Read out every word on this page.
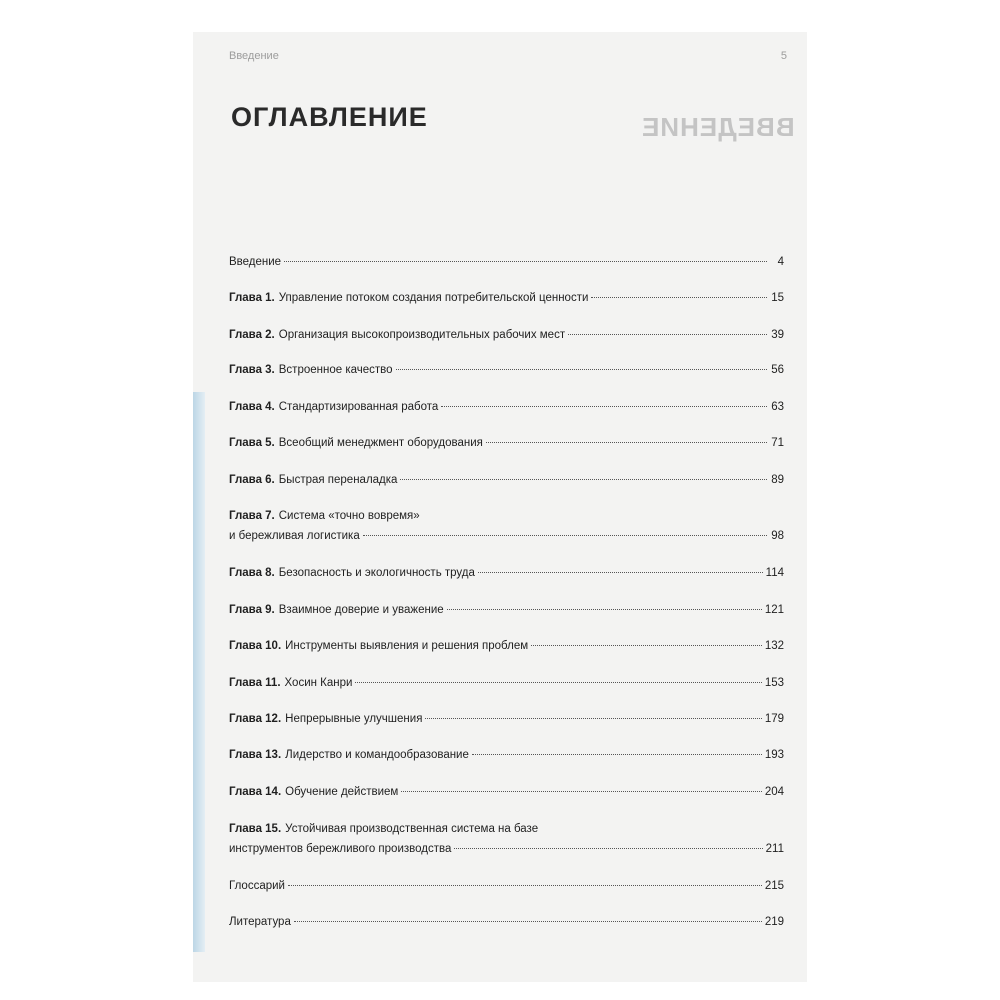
Введение	5
ВВЕДЕНИЕ
ОГЛАВЛЕНИЕ
Введение	4
Глава 1. Управление потоком создания потребительской ценности	15
Глава 2. Организация высокопроизводительных рабочих мест	39
Глава 3. Встроенное качество	56
Глава 4. Стандартизированная работа	63
Глава 5. Всеобщий менеджмент оборудования	71
Глава 6. Быстрая переналадка	89
Глава 7. Система «точно вовремя»
и бережливая логистика	98
Глава 8. Безопасность и экологичность труда	114
Глава 9. Взаимное доверие и уважение	121
Глава 10. Инструменты выявления и решения проблем	132
Глава 11. Хосин Канри	153
Глава 12. Непрерывные улучшения	179
Глава 13. Лидерство и командообразование	193
Глава 14. Обучение действием	204
Глава 15. Устойчивая производственная система на базе
инструментов бережливого производства	211
Глоссарий	215
Литература	219
